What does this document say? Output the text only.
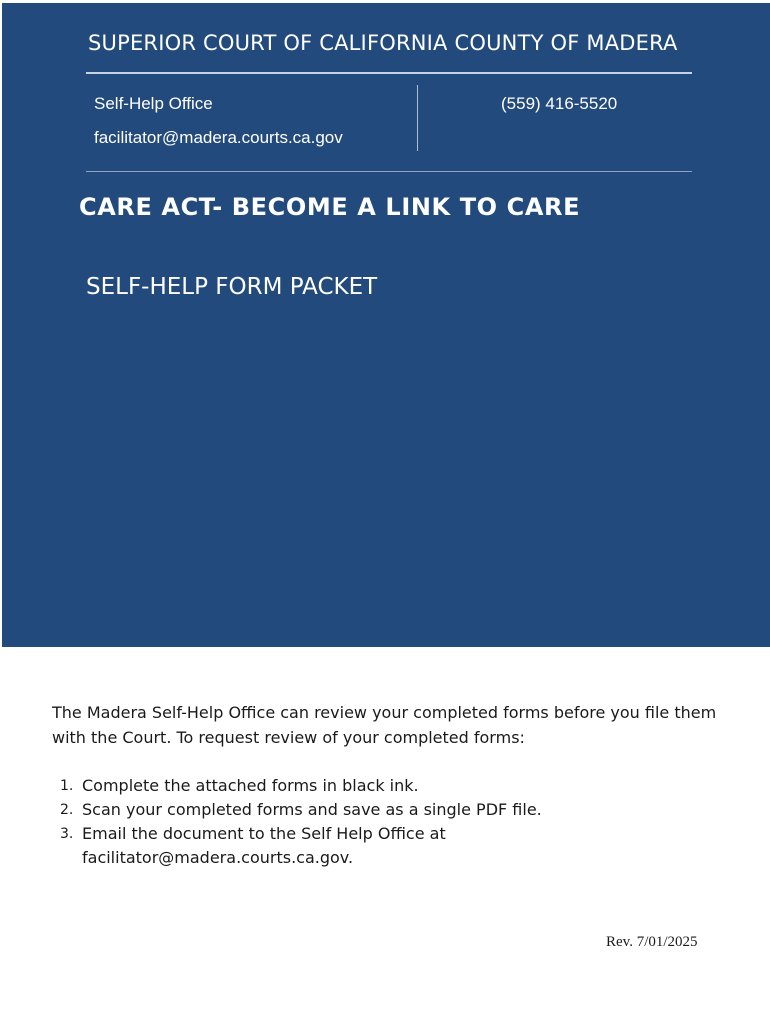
SUPERIOR COURT OF CALIFORNIA COUNTY OF MADERA
Self-Help Office
facilitator@madera.courts.ca.gov
(559) 416-5520
CARE ACT- BECOME A LINK TO CARE
SELF-HELP FORM PACKET

The Madera Self-Help Office can review your completed forms before you file them with the Court. To request review of your completed forms:

1. Complete the attached forms in black ink.
2. Scan your completed forms and save as a single PDF file.
3. Email the document to the Self Help Office at facilitator@madera.courts.ca.gov.
Rev. 7/01/2025
